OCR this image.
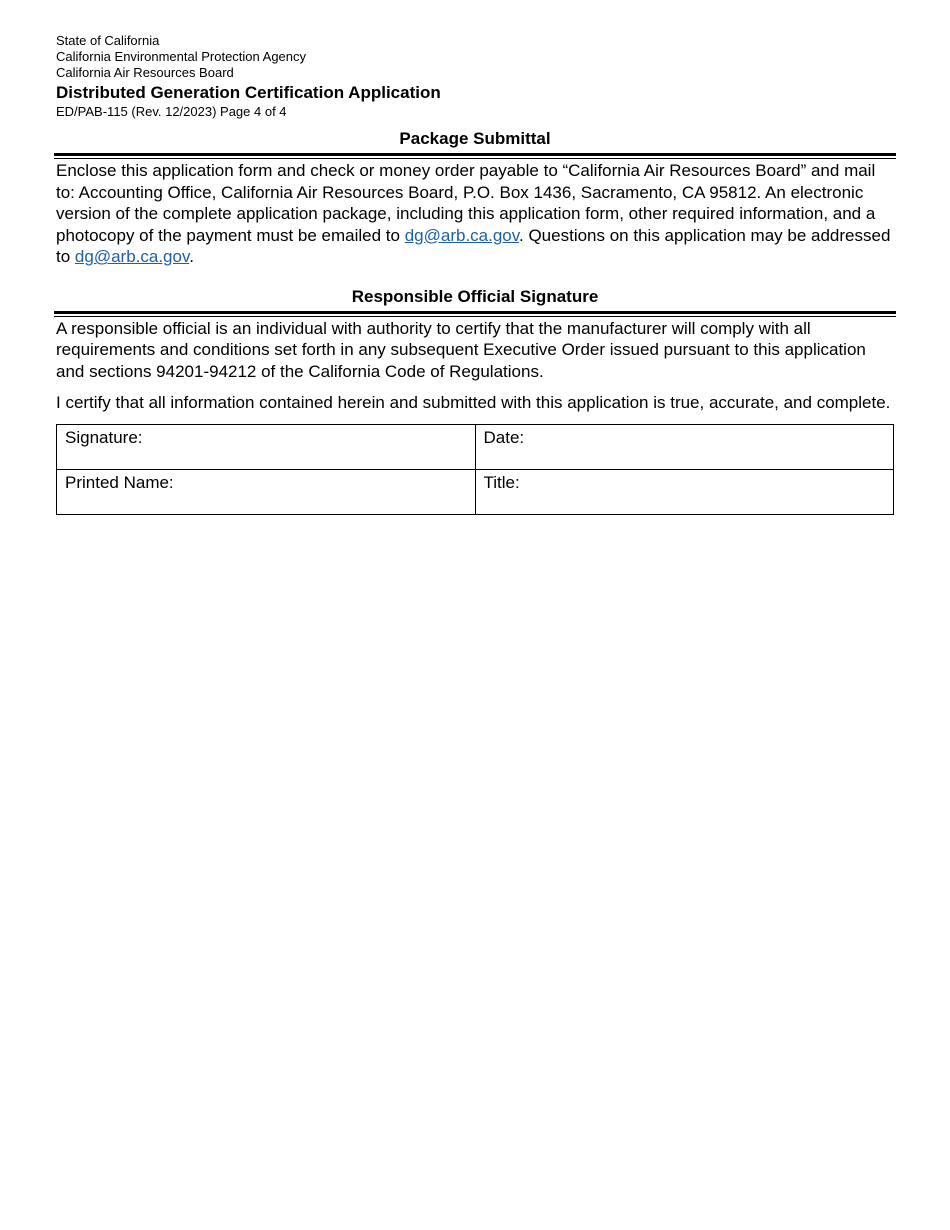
State of California

California Environmental Protection Agency

California Air Resources Board

Distributed Generation Certification Application

ED/PAB-115 (Rev. 12/2023) Page 4 of 4

Package Submittal

Enclose this application form and check or money order payable to “California Air Resources Board” and mail to: Accounting Office, California Air Resources Board, P.O. Box 1436, Sacramento, CA 95812. An electronic version of the complete application package, including this application form, other required information, and a photocopy of the payment must be emailed to dg@arb.ca.gov. Questions on this application may be addressed to dg@arb.ca.gov.

Responsible Official Signature

A responsible official is an individual with authority to certify that the manufacturer will comply with all requirements and conditions set forth in any subsequent Executive Order issued pursuant to this application and sections 94201-94212 of the California Code of Regulations.

I certify that all information contained herein and submitted with this application is true, accurate, and complete.

Signature:	Date:
Printed Name:	Title:
